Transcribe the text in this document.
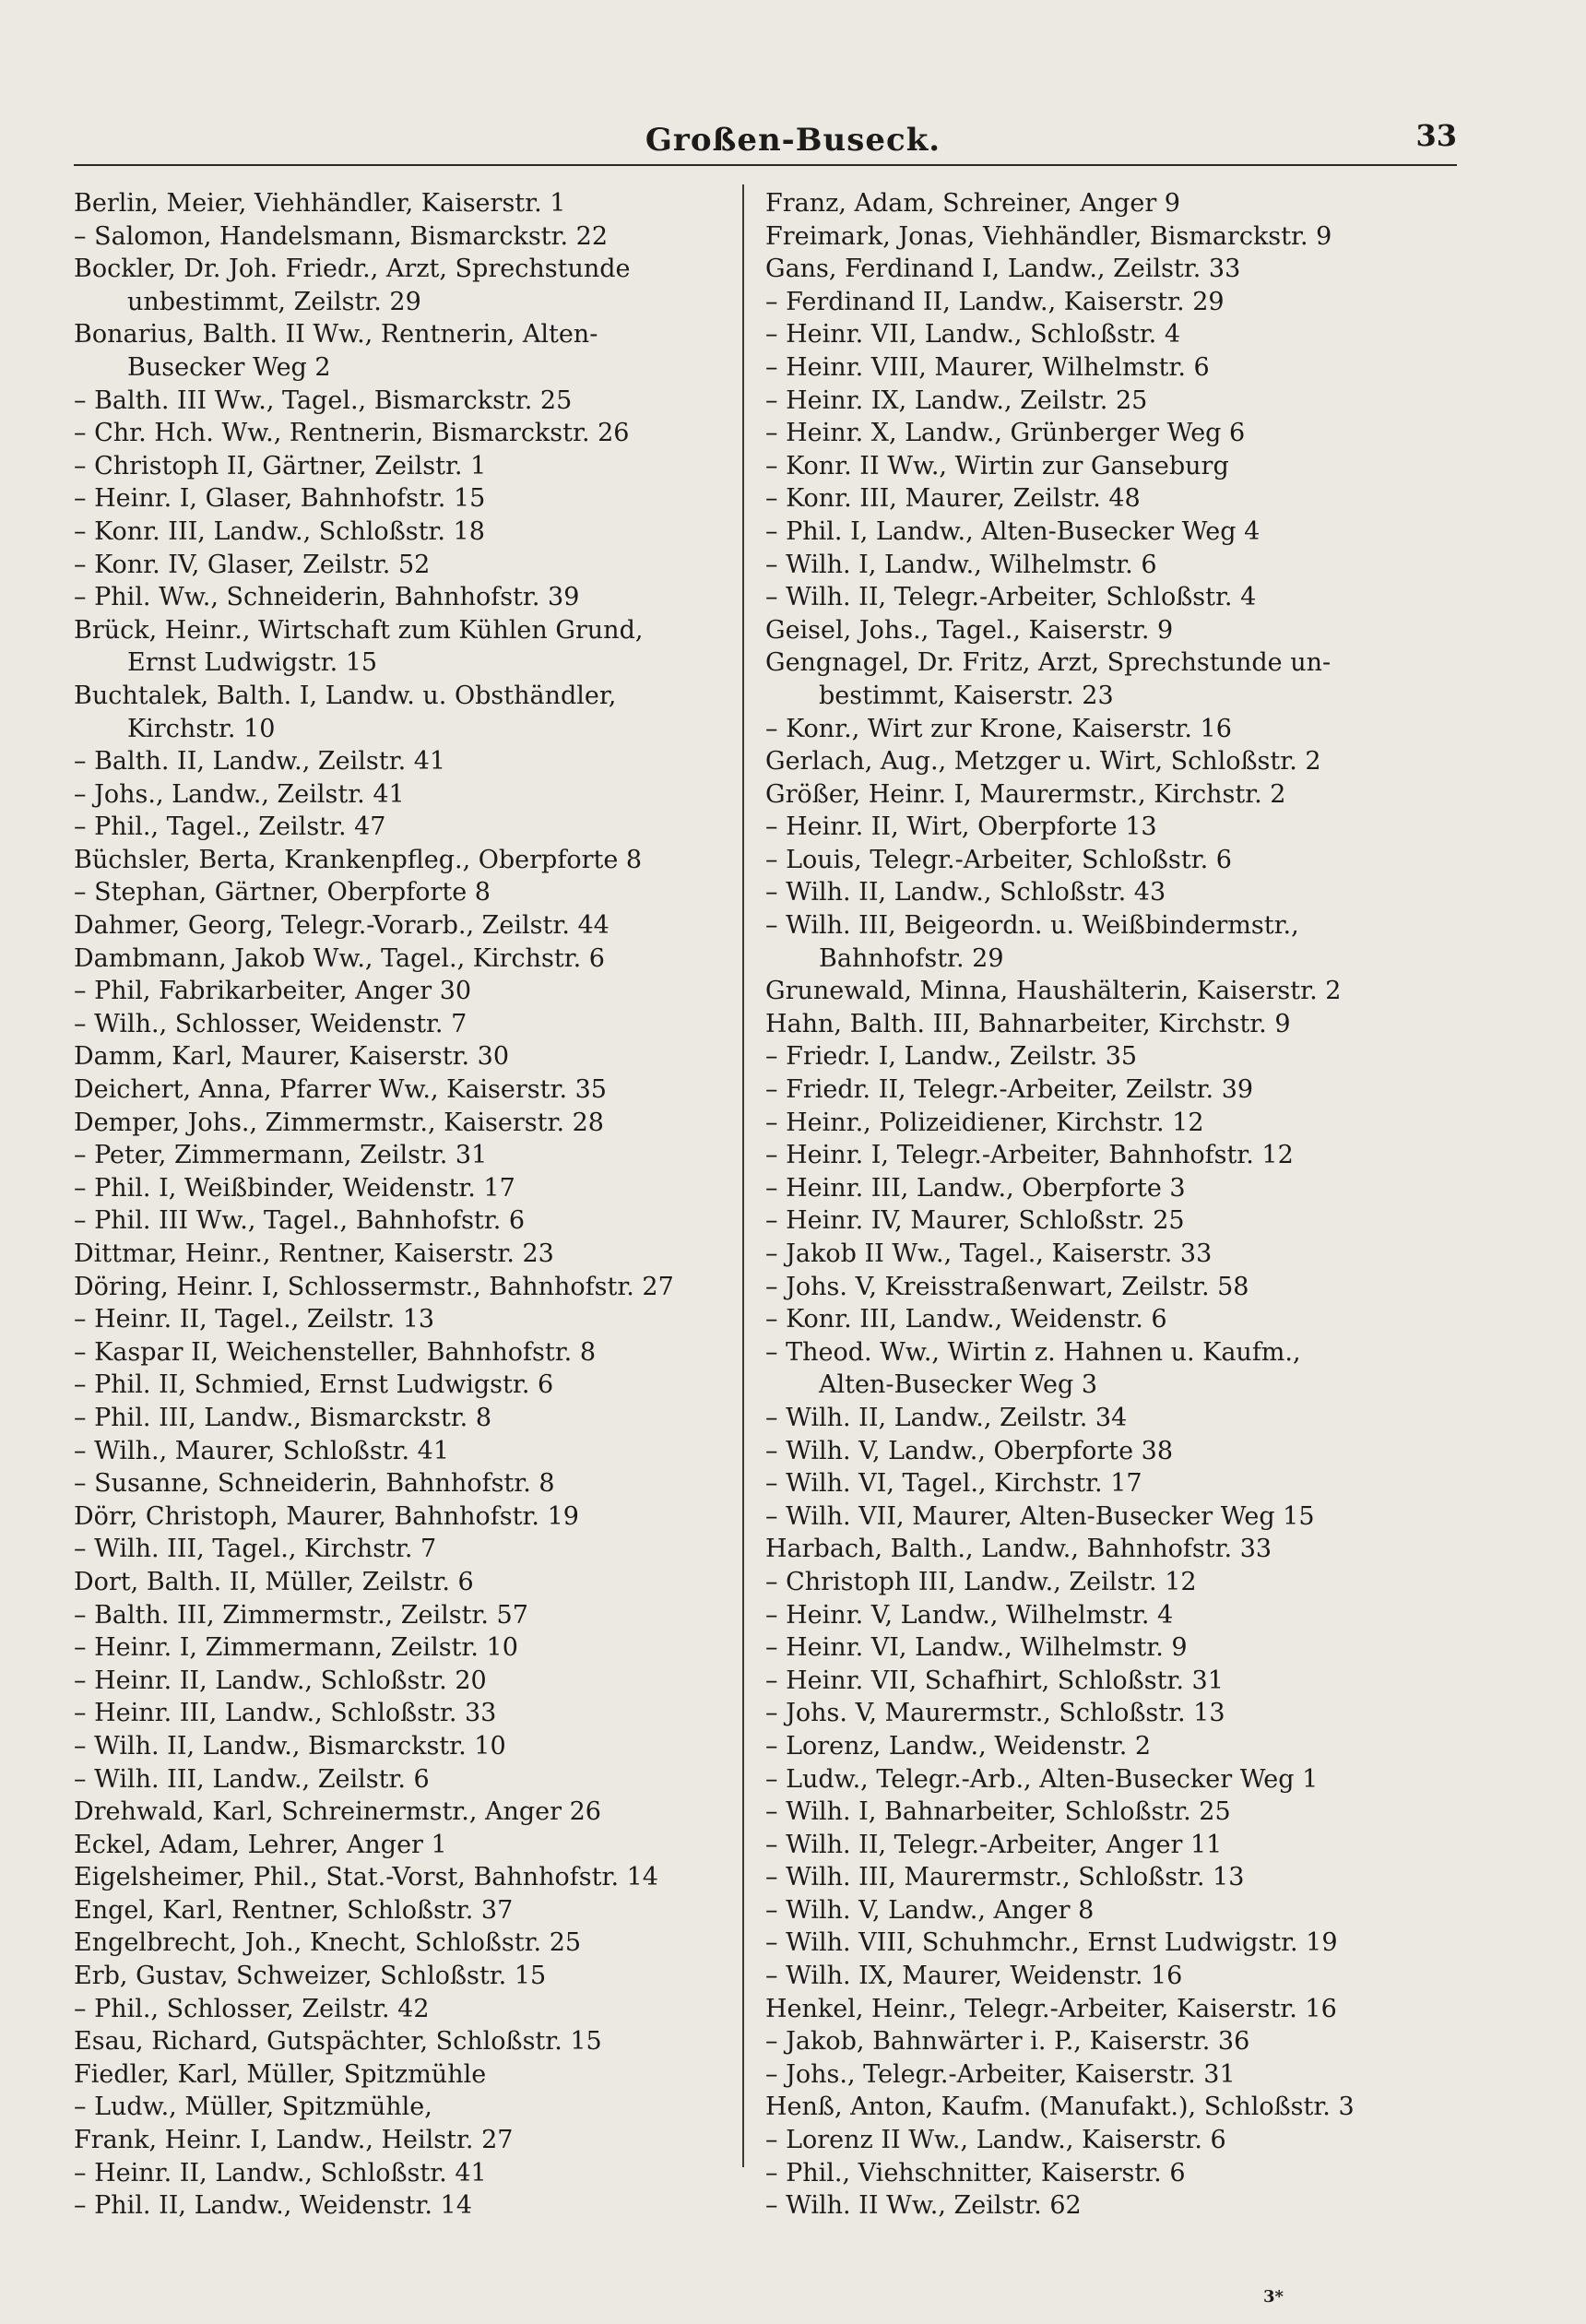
Großen-Buseck.	33
Berlin, Meier, Viehhändler, Kaiserstr. 1
– Salomon, Handelsmann, Bismarckstr. 22
Bockler, Dr. Joh. Friedr., Arzt, Sprechstunde
unbestimmt, Zeilstr. 29
Bonarius, Balth. II Ww., Rentnerin, Alten-
Busecker Weg 2
– Balth. III Ww., Tagel., Bismarckstr. 25
– Chr. Hch. Ww., Rentnerin, Bismarckstr. 26
– Christoph II, Gärtner, Zeilstr. 1
– Heinr. I, Glaser, Bahnhofstr. 15
– Konr. III, Landw., Schloßstr. 18
– Konr. IV, Glaser, Zeilstr. 52
– Phil. Ww., Schneiderin, Bahnhofstr. 39
Brück, Heinr., Wirtschaft zum Kühlen Grund,
Ernst Ludwigstr. 15
Buchtalek, Balth. I, Landw. u. Obsthändler,
Kirchstr. 10
– Balth. II, Landw., Zeilstr. 41
– Johs., Landw., Zeilstr. 41
– Phil., Tagel., Zeilstr. 47
Büchsler, Berta, Krankenpfleg., Oberpforte 8
– Stephan, Gärtner, Oberpforte 8
Dahmer, Georg, Telegr.-Vorarb., Zeilstr. 44
Dambmann, Jakob Ww., Tagel., Kirchstr. 6
– Phil, Fabrikarbeiter, Anger 30
– Wilh., Schlosser, Weidenstr. 7
Damm, Karl, Maurer, Kaiserstr. 30
Deichert, Anna, Pfarrer Ww., Kaiserstr. 35
Demper, Johs., Zimmermstr., Kaiserstr. 28
– Peter, Zimmermann, Zeilstr. 31
– Phil. I, Weißbinder, Weidenstr. 17
– Phil. III Ww., Tagel., Bahnhofstr. 6
Dittmar, Heinr., Rentner, Kaiserstr. 23
Döring, Heinr. I, Schlossermstr., Bahnhofstr. 27
– Heinr. II, Tagel., Zeilstr. 13
– Kaspar II, Weichensteller, Bahnhofstr. 8
– Phil. II, Schmied, Ernst Ludwigstr. 6
– Phil. III, Landw., Bismarckstr. 8
– Wilh., Maurer, Schloßstr. 41
– Susanne, Schneiderin, Bahnhofstr. 8
Dörr, Christoph, Maurer, Bahnhofstr. 19
– Wilh. III, Tagel., Kirchstr. 7
Dort, Balth. II, Müller, Zeilstr. 6
– Balth. III, Zimmermstr., Zeilstr. 57
– Heinr. I, Zimmermann, Zeilstr. 10
– Heinr. II, Landw., Schloßstr. 20
– Heinr. III, Landw., Schloßstr. 33
– Wilh. II, Landw., Bismarckstr. 10
– Wilh. III, Landw., Zeilstr. 6
Drehwald, Karl, Schreinermstr., Anger 26
Eckel, Adam, Lehrer, Anger 1
Eigelsheimer, Phil., Stat.-Vorst, Bahnhofstr. 14
Engel, Karl, Rentner, Schloßstr. 37
Engelbrecht, Joh., Knecht, Schloßstr. 25
Erb, Gustav, Schweizer, Schloßstr. 15
– Phil., Schlosser, Zeilstr. 42
Esau, Richard, Gutspächter, Schloßstr. 15
Fiedler, Karl, Müller, Spitzmühle
– Ludw., Müller, Spitzmühle,
Frank, Heinr. I, Landw., Heilstr. 27
– Heinr. II, Landw., Schloßstr. 41
– Phil. II, Landw., Weidenstr. 14
Franz, Adam, Schreiner, Anger 9
Freimark, Jonas, Viehhändler, Bismarckstr. 9
Gans, Ferdinand I, Landw., Zeilstr. 33
– Ferdinand II, Landw., Kaiserstr. 29
– Heinr. VII, Landw., Schloßstr. 4
– Heinr. VIII, Maurer, Wilhelmstr. 6
– Heinr. IX, Landw., Zeilstr. 25
– Heinr. X, Landw., Grünberger Weg 6
– Konr. II Ww., Wirtin zur Ganseburg
– Konr. III, Maurer, Zeilstr. 48
– Phil. I, Landw., Alten-Busecker Weg 4
– Wilh. I, Landw., Wilhelmstr. 6
– Wilh. II, Telegr.-Arbeiter, Schloßstr. 4
Geisel, Johs., Tagel., Kaiserstr. 9
Gengnagel, Dr. Fritz, Arzt, Sprechstunde un-
bestimmt, Kaiserstr. 23
– Konr., Wirt zur Krone, Kaiserstr. 16
Gerlach, Aug., Metzger u. Wirt, Schloßstr. 2
Größer, Heinr. I, Maurermstr., Kirchstr. 2
– Heinr. II, Wirt, Oberpforte 13
– Louis, Telegr.-Arbeiter, Schloßstr. 6
– Wilh. II, Landw., Schloßstr. 43
– Wilh. III, Beigeordn. u. Weißbindermstr.,
Bahnhofstr. 29
Grunewald, Minna, Haushälterin, Kaiserstr. 2
Hahn, Balth. III, Bahnarbeiter, Kirchstr. 9
– Friedr. I, Landw., Zeilstr. 35
– Friedr. II, Telegr.-Arbeiter, Zeilstr. 39
– Heinr., Polizeidiener, Kirchstr. 12
– Heinr. I, Telegr.-Arbeiter, Bahnhofstr. 12
– Heinr. III, Landw., Oberpforte 3
– Heinr. IV, Maurer, Schloßstr. 25
– Jakob II Ww., Tagel., Kaiserstr. 33
– Johs. V, Kreisstraßenwart, Zeilstr. 58
– Konr. III, Landw., Weidenstr. 6
– Theod. Ww., Wirtin z. Hahnen u. Kaufm.,
Alten-Busecker Weg 3
– Wilh. II, Landw., Zeilstr. 34
– Wilh. V, Landw., Oberpforte 38
– Wilh. VI, Tagel., Kirchstr. 17
– Wilh. VII, Maurer, Alten-Busecker Weg 15
Harbach, Balth., Landw., Bahnhofstr. 33
– Christoph III, Landw., Zeilstr. 12
– Heinr. V, Landw., Wilhelmstr. 4
– Heinr. VI, Landw., Wilhelmstr. 9
– Heinr. VII, Schafhirt, Schloßstr. 31
– Johs. V, Maurermstr., Schloßstr. 13
– Lorenz, Landw., Weidenstr. 2
– Ludw., Telegr.-Arb., Alten-Busecker Weg 1
– Wilh. I, Bahnarbeiter, Schloßstr. 25
– Wilh. II, Telegr.-Arbeiter, Anger 11
– Wilh. III, Maurermstr., Schloßstr. 13
– Wilh. V, Landw., Anger 8
– Wilh. VIII, Schuhmchr., Ernst Ludwigstr. 19
– Wilh. IX, Maurer, Weidenstr. 16
Henkel, Heinr., Telegr.-Arbeiter, Kaiserstr. 16
– Jakob, Bahnwärter i. P., Kaiserstr. 36
– Johs., Telegr.-Arbeiter, Kaiserstr. 31
Henß, Anton, Kaufm. (Manufakt.), Schloßstr. 3
– Lorenz II Ww., Landw., Kaiserstr. 6
– Phil., Viehschnitter, Kaiserstr. 6
– Wilh. II Ww., Zeilstr. 62
3*
